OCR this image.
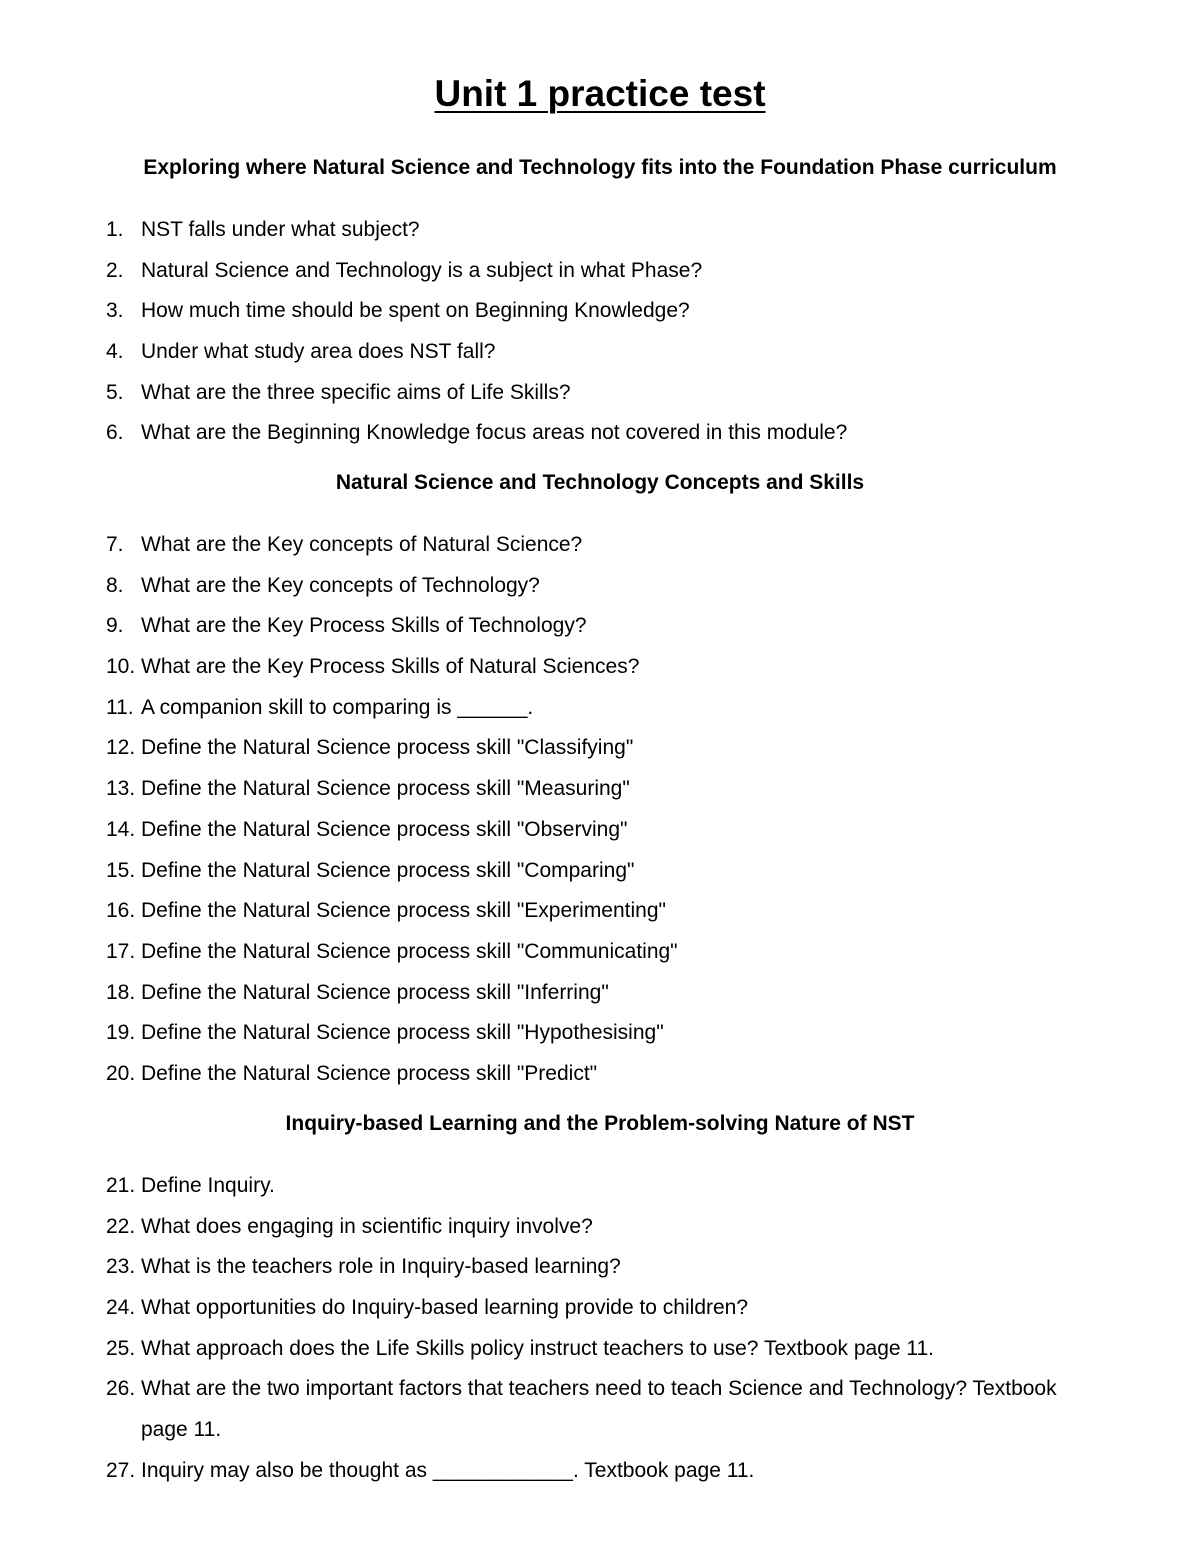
Unit 1 practice test
Exploring where Natural Science and Technology fits into the Foundation Phase curriculum
1. NST falls under what subject?
2. Natural Science and Technology is a subject in what Phase?
3. How much time should be spent on Beginning Knowledge?
4. Under what study area does NST fall?
5. What are the three specific aims of Life Skills?
6. What are the Beginning Knowledge focus areas not covered in this module?
Natural Science and Technology Concepts and Skills
7. What are the Key concepts of Natural Science?
8. What are the Key concepts of Technology?
9. What are the Key Process Skills of Technology?
10. What are the Key Process Skills of Natural Sciences?
11. A companion skill to comparing is ______.
12. Define the Natural Science process skill "Classifying"
13. Define the Natural Science process skill "Measuring"
14. Define the Natural Science process skill "Observing"
15. Define the Natural Science process skill "Comparing"
16. Define the Natural Science process skill "Experimenting"
17. Define the Natural Science process skill "Communicating"
18. Define the Natural Science process skill "Inferring"
19. Define the Natural Science process skill "Hypothesising"
20. Define the Natural Science process skill "Predict"
Inquiry-based Learning and the Problem-solving Nature of NST
21. Define Inquiry.
22. What does engaging in scientific inquiry involve?
23. What is the teachers role in Inquiry-based learning?
24. What opportunities do Inquiry-based learning provide to children?
25. What approach does the Life Skills policy instruct teachers to use? Textbook page 11.
26. What are the two important factors that teachers need to teach Science and Technology? Textbook page 11.
27. Inquiry may also be thought as ____________. Textbook page 11.
